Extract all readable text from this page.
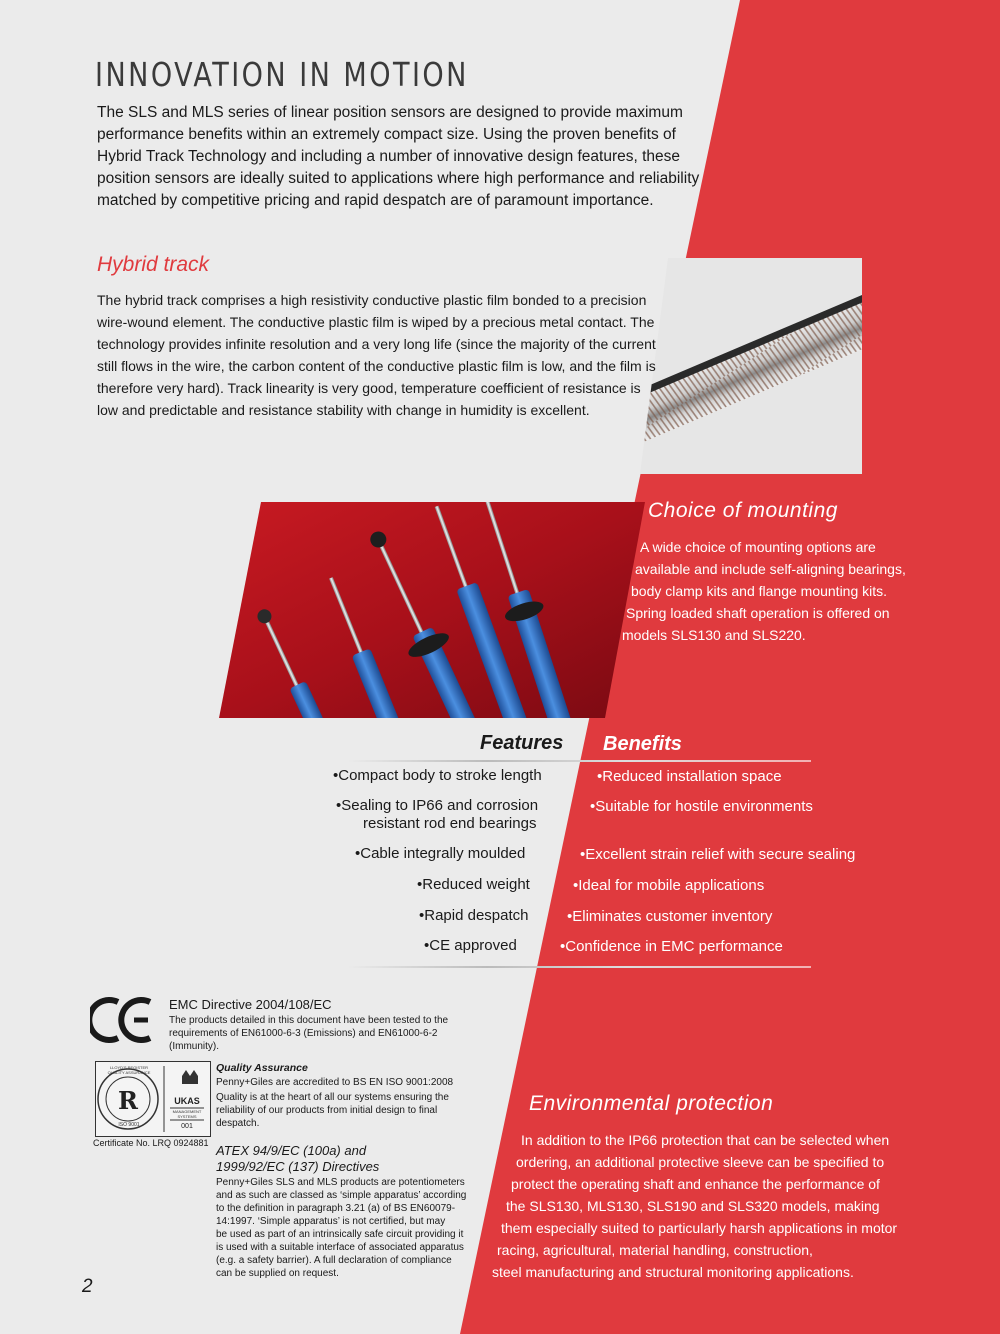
INNOVATION IN MOTION

The SLS and MLS series of linear position sensors are designed to provide maximum performance benefits within an extremely compact size. Using the proven benefits of Hybrid Track Technology and including a number of innovative design features, these position sensors are ideally suited to applications where high performance and reliability matched by competitive pricing and rapid despatch are of paramount importance.

Hybrid track

The hybrid track comprises a high resistivity conductive plastic film bonded to a precision wire-wound element. The conductive plastic film is wiped by a precious metal contact. The technology provides infinite resolution and a very long life (since the majority of the current still flows in the wire, the carbon content of the conductive plastic film is low, and the film is therefore very hard). Track linearity is very good, temperature coefficient of resistance is low and predictable and resistance stability with change in humidity is excellent.

Choice of mounting

A wide choice of mounting options are

available and include self-aligning bearings,

body clamp kits and flange mounting kits.

Spring loaded shaft operation is offered on

models SLS130 and SLS220.

Features Benefits

•Compact body to stroke length

•Sealing to IP66 and corrosion

resistant rod end bearings

•Cable integrally moulded

•Reduced weight

•Rapid despatch

•CE approved

•Reduced installation space

•Suitable for hostile environments

•Excellent strain relief with secure sealing

•Ideal for mobile applications

•Eliminates customer inventory

•Confidence in EMC performance

EMC Directive 2004/108/EC

The products detailed in this document have been tested to the requirements of EN61000-6-3 (Emissions) and EN61000-6-2 (Immunity).

LLOYD'S REGISTER QUALITY ASSURANCE
ISO 9001
UKAS
MANAGEMENT SYSTEMS
001
R

Certificate No. LRQ 0924881

Quality Assurance

Penny+Giles are accredited to BS EN ISO 9001:2008

Quality is at the heart of all our systems ensuring the

reliability of our products from initial design to final

despatch.

ATEX 94/9/EC (100a) and

1999/92/EC (137) Directives

Penny+Giles SLS and MLS products are potentiometers

and as such are classed as ‘simple apparatus’ according

to the definition in paragraph 3.21 (a) of BS EN60079-

14:1997. ‘Simple apparatus’ is not certified, but may

be used as part of an intrinsically safe circuit providing it

is used with a suitable interface of associated apparatus

(e.g. a safety barrier). A full declaration of compliance

can be supplied on request.

Environmental protection

In addition to the IP66 protection that can be selected when

ordering, an additional protective sleeve can be specified to

protect the operating shaft and enhance the performance of

the SLS130, MLS130, SLS190 and SLS320 models, making

them especially suited to particularly harsh applications in motor

racing, agricultural, material handling, construction,

steel manufacturing and structural monitoring applications.

2
